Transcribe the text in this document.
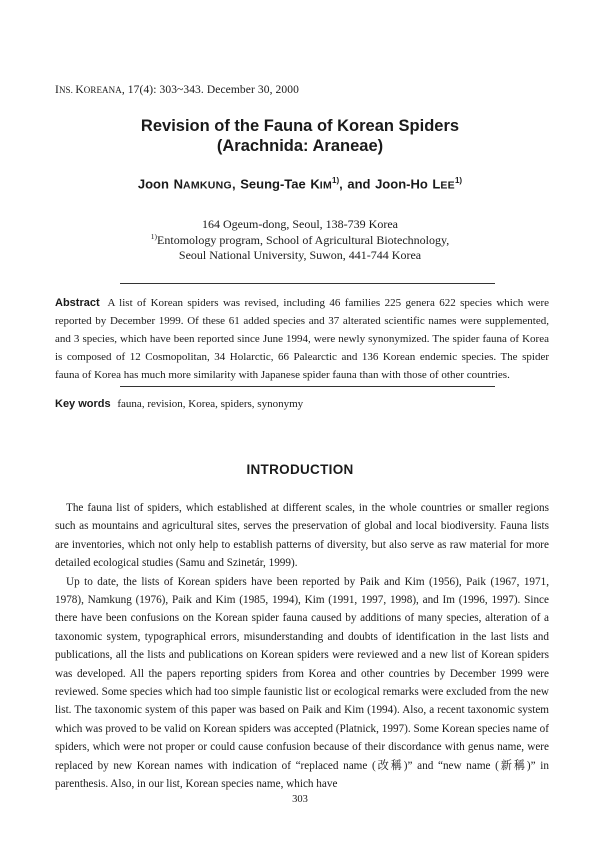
INS. KOREANA, 17(4): 303~343. December 30, 2000
Revision of the Fauna of Korean Spiders
(Arachnida: Araneae)
Joon NAMKUNG, Seung-Tae KIM$^{1)}$, and Joon-Ho LEE$^{1)}$
164 Ogeum-dong, Seoul, 138-739 Korea
$^{1)}$Entomology program, School of Agricultural Biotechnology,
Seoul National University, Suwon, 441-744 Korea
Abstract A list of Korean spiders was revised, including 46 families 225 genera 622 species which were reported by December 1999. Of these 61 added species and 37 alterated scientific names were supplemented, and 3 species, which have been reported since June 1994, were newly synonymized. The spider fauna of Korea is composed of 12 Cosmopolitan, 34 Holarctic, 66 Palearctic and 136 Korean endemic species. The spider fauna of Korea has much more similarity with Japanese spider fauna than with those of other countries.
Key words fauna, revision, Korea, spiders, synonymy
INTRODUCTION

The fauna list of spiders, which established at different scales, in the whole countries or smaller regions such as mountains and agricultural sites, serves the preservation of global and local biodiversity. Fauna lists are inventories, which not only help to establish patterns of diversity, but also serve as raw material for more detailed ecological studies (Samu and Szinetár, 1999).

Up to date, the lists of Korean spiders have been reported by Paik and Kim (1956), Paik (1967, 1971, 1978), Namkung (1976), Paik and Kim (1985, 1994), Kim (1991, 1997, 1998), and Im (1996, 1997). Since there have been confusions on the Korean spider fauna caused by additions of many species, alteration of a taxonomic system, typographical errors, misunderstanding and doubts of identification in the last lists and publications, all the lists and publications on Korean spiders were reviewed and a new list of Korean spiders was developed. All the papers reporting spiders from Korea and other countries by December 1999 were reviewed. Some species which had too simple faunistic list or ecological remarks were excluded from the new list. The taxonomic system of this paper was based on Paik and Kim (1994). Also, a recent taxonomic system which was proved to be valid on Korean spiders was accepted (Platnick, 1997). Some Korean species name of spiders, which were not proper or could cause confusion because of their discordance with genus name, were replaced by new Korean names with indication of “replaced name (改稱)” and “new name (新稱)” in parenthesis. Also, in our list, Korean species name, which have

303
